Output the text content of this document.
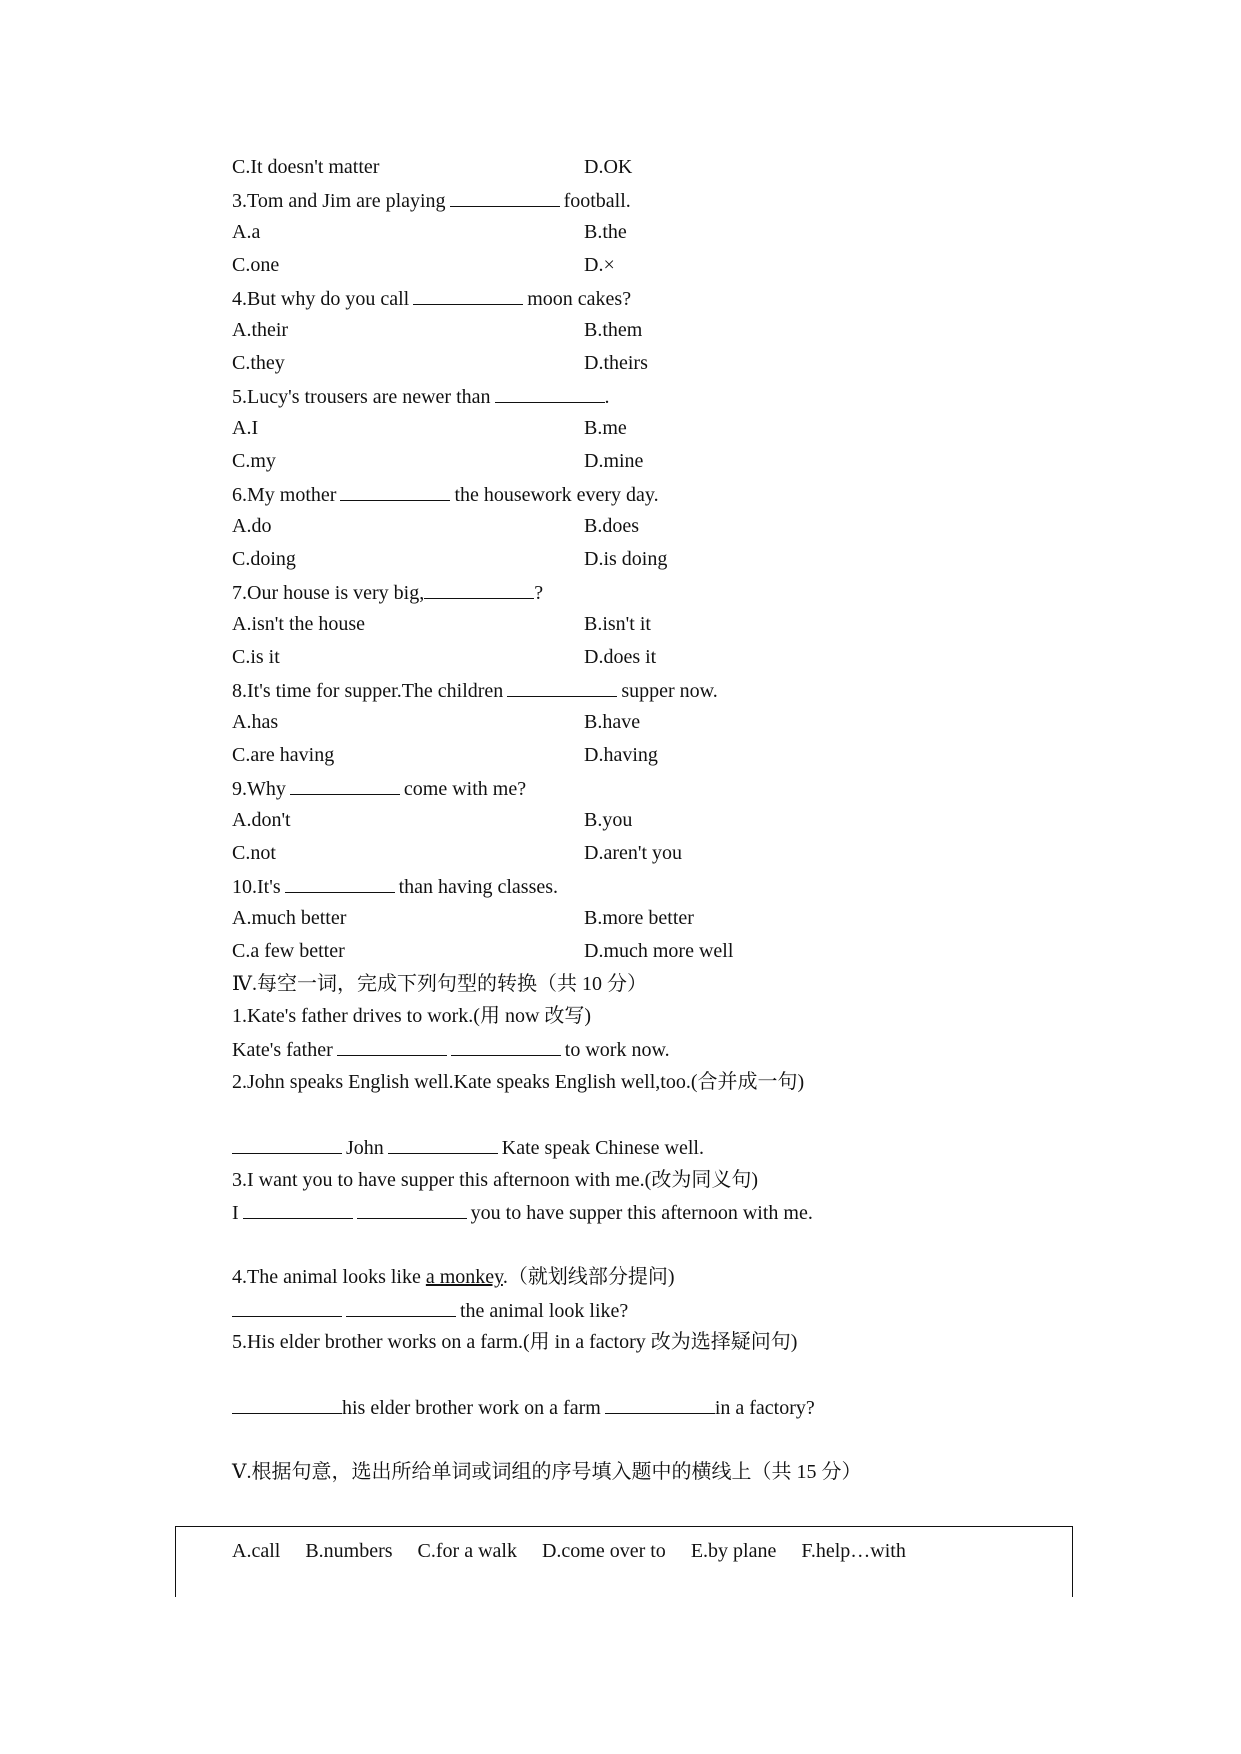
C.It doesn't matter	D.OK
3.Tom and Jim are playing	football.
A.a	B.the
C.one	D.×
4.But why do you call	moon cakes?
A.their	B.them
C.they	D.theirs
5.Lucy's trousers are newer than	.
A.I	B.me
C.my	D.mine
6.My mother	the housework every day.
A.do	B.does
C.doing	D.is doing
7.Our house is very big,	?
A.isn't the house	B.isn't it
C.is it	D.does it
8.It's time for supper.The children	supper now.
A.has	B.have
C.are having	D.having
9.Why	come with me?
A.don't	B.you
C.not	D.aren't you
10.It's	than having classes.
A.much better	B.more better
C.a few better	D.much more well
Ⅳ.每空一词，完成下列句型的转换（共 10 分）
1.Kate's father drives to work.(用 now 改写)
Kate's father	to work now.
2.John speaks English well.Kate speaks English well,too.(合并成一句)
John	Kate speak Chinese well.
3.I want you to have supper this afternoon with me.(改为同义句)
I	you to have supper this afternoon with me.
4.The animal looks like a monkey.（就划线部分提问)
the animal look like?
5.His elder brother works on a farm.(用 in a factory 改为选择疑问句)
his elder brother work on a farm	in a factory?
Ⅴ.根据句意，选出所给单词或词组的序号填入题中的横线上（共 15 分）
A.call B.numbers C.for a walk D.come over to E.by plane F.help…with
